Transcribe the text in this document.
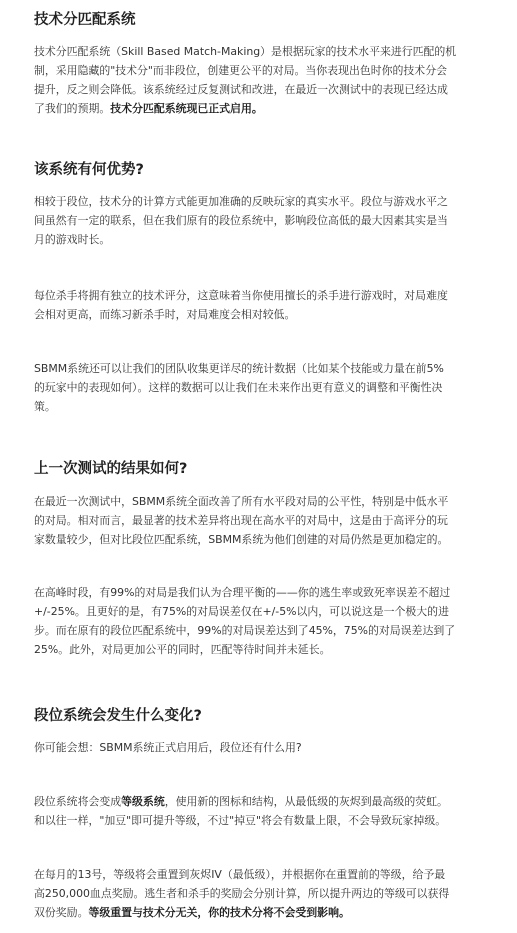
技术分匹配系统
技术分匹配系统（Skill Based Match-Making）是根据玩家的技术水平来进行匹配的机
制，采用隐藏的"技术分"而非段位，创建更公平的对局。当你表现出色时你的技术分会
提升，反之则会降低。该系统经过反复测试和改进，在最近一次测试中的表现已经达成
了我们的预期。技术分匹配系统现已正式启用。
该系统有何优势?
相较于段位，技术分的计算方式能更加准确的反映玩家的真实水平。段位与游戏水平之
间虽然有一定的联系，但在我们原有的段位系统中，影响段位高低的最大因素其实是当
月的游戏时长。
每位杀手将拥有独立的技术评分，这意味着当你使用擅长的杀手进行游戏时，对局难度
会相对更高，而练习新杀手时，对局难度会相对较低。
SBMM系统还可以让我们的团队收集更详尽的统计数据（比如某个技能或力量在前5%
的玩家中的表现如何）。这样的数据可以让我们在未来作出更有意义的调整和平衡性决
策。
上一次测试的结果如何?
在最近一次测试中，SBMM系统全面改善了所有水平段对局的公平性，特别是中低水平
的对局。相对而言，最显著的技术差异将出现在高水平的对局中，这是由于高评分的玩
家数量较少，但对比段位匹配系统，SBMM系统为他们创建的对局仍然是更加稳定的。
在高峰时段，有99%的对局是我们认为合理平衡的——你的逃生率或致死率误差不超过
+/-25%。且更好的是，有75%的对局误差仅在+/-5%以内，可以说这是一个极大的进
步。而在原有的段位匹配系统中，99%的对局误差达到了45%，75%的对局误差达到了
25%。此外，对局更加公平的同时，匹配等待时间并未延长。
段位系统会发生什么变化?
你可能会想：SBMM系统正式启用后，段位还有什么用?
段位系统将会变成等级系统，使用新的图标和结构，从最低级的灰烬到最高级的荧虹。
和以往一样，"加豆"即可提升等级，不过"掉豆"将会有数量上限，不会导致玩家掉级。
在每月的13号，等级将会重置到灰烬IV（最低级），并根据你在重置前的等级，给予最
高250,000血点奖励。逃生者和杀手的奖励会分别计算，所以提升两边的等级可以获得
双份奖励。等级重置与技术分无关，你的技术分将不会受到影响。
